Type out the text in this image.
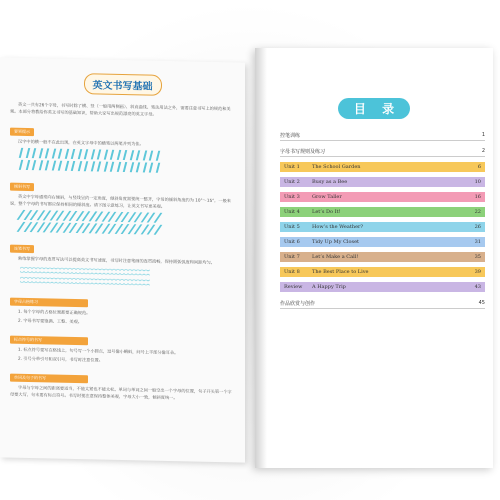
英文书写基础

英文一共有26个字母，书写时除了横、竖（一般用两侧画）、斜直曲线、笔法用法之外，需要注意书写上的规范和美观。本部分将教给你英文书写的基础知识，帮助大家写出规范漂亮的英文字母。

要领提示

汉字中的横一般不在此出现，在英文字母中的横笔以两笔并列为佳。

倾斜书写

英文中字母通常向右倾斜，与竖线呈约一定角度，倾斜角度需要统一整齐，字母的倾斜角度约为 10°～15°，一般来说，整个字母的书写都应保持相同的倾斜度。请下图示意练习，让英文书写更美观。

连笔书写

熟练掌握字母的连贯写法可以提高英文书写速度，书写时注意笔画的连贯流畅，保持圆弧弧度和间距均匀。

字母占格练习

1. 每个字母的占格位置都要正确规范。

2. 字母书写要饱满、工整、美观。

标点符号的书写

1. 标点符号要写在格线上，句号写一个小圆点，逗号像小蝌蚪，问号上半部分像耳朵。

2. 引号分单引号和双引号，书写时注意位置。

单词及句子的书写

字母与字母之间的距离要适当，不能太紧也不能太松。单词与单词之间一般空出一个字母的位置，句子开头第一个字母要大写，句末要有标点符号。书写时要注意保持整体美观，字母大小一致，倾斜度统一。

目 录
控笔训练	1
字母书写规则及练习	2
Unit 1	The School Garden	6
Unit 2	Busy as a Bee	10
Unit 3	Grow Taller	16
Unit 4	Let’s Do It!	22
Unit 5	How’s the Weather?	26
Unit 6	Tidy Up My Closet	31
Unit 7	Let’s Make a Call!	35
Unit 8	The Best Place to Live	39
Review	A Happy Trip	43
作品欣赏与创作	45
